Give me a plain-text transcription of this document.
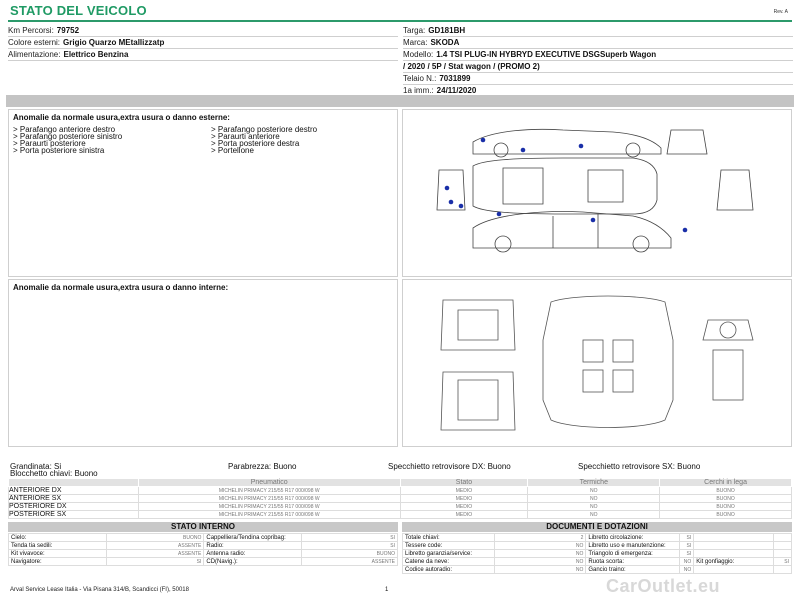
STATO DEL VEICOLO	Rev. A
Km Percorsi: 79752
Colore esterni: Grigio Quarzo MEtallizzatp
Alimentazione: Elettrico Benzina
Targa: GD181BH
Marca: SKODA
Modello: 1.4 TSI PLUG-IN HYBRYD EXECUTIVE DSGSuperb Wagon
/ 2020 / 5P / Stat wagon / (PROMO 2)
Telaio N.: 7031899
1a imm.: 24/11/2020
Anomalie da normale usura,extra usura o danno esterne:
> Parafango anteriore destro
> Parafango posteriore sinistro
> Paraurti posteriore
> Porta posteriore sinistra
> Parafango posteriore destro
> Paraurti anteriore
> Porta posteriore destra
> Portellone
Anomalie da normale usura,extra usura o danno interne:
Grandinata: Si	Parabrezza: Buono	Specchietto retrovisore DX: Buono	Specchietto retrovisore SX: Buono
Blocchetto chiavi: Buono
	Pneumatico	Stato	Termiche	Cerchi in lega
ANTERIORE DX	MICHELIN PRIMACY 215/55 R17 000/098 W	MEDIO	NO	BUONO
ANTERIORE SX	MICHELIN PRIMACY 215/55 R17 000/098 W	MEDIO	NO	BUONO
POSTERIORE DX	MICHELIN PRIMACY 215/55 R17 000/098 W	MEDIO	NO	BUONO
POSTERIORE SX	MICHELIN PRIMACY 215/55 R17 000/098 W	MEDIO	NO	BUONO
STATO INTERNO
Cielo:	BUONO	Cappelliera/Tendina copribag:	SI
Tenda tia sedili:	ASSENTE	Radio:	SI
Kit vivavoce:	ASSENTE	Antenna radio:	BUONO
Navigatore:	SI	CD(Navig.):	ASSENTE
DOCUMENTI E DOTAZIONI
Totale chiavi:	2	Libretto circolazione:	SI		
Tessere code:	NO	Libretto uso e manutenzione:	SI		
Libretto garanzia/service:	NO	Triangolo di emergenza:	SI		
Catene da neve:	NO	Ruota scorta:	NO	Kit gonfiaggio:	SI
Codice autoradio:	NO	Gancio traino:	NO		
Arval Service Lease Italia - Via Pisana 314/B, Scandicci (FI), 50018	1	CarOutlet.eu
